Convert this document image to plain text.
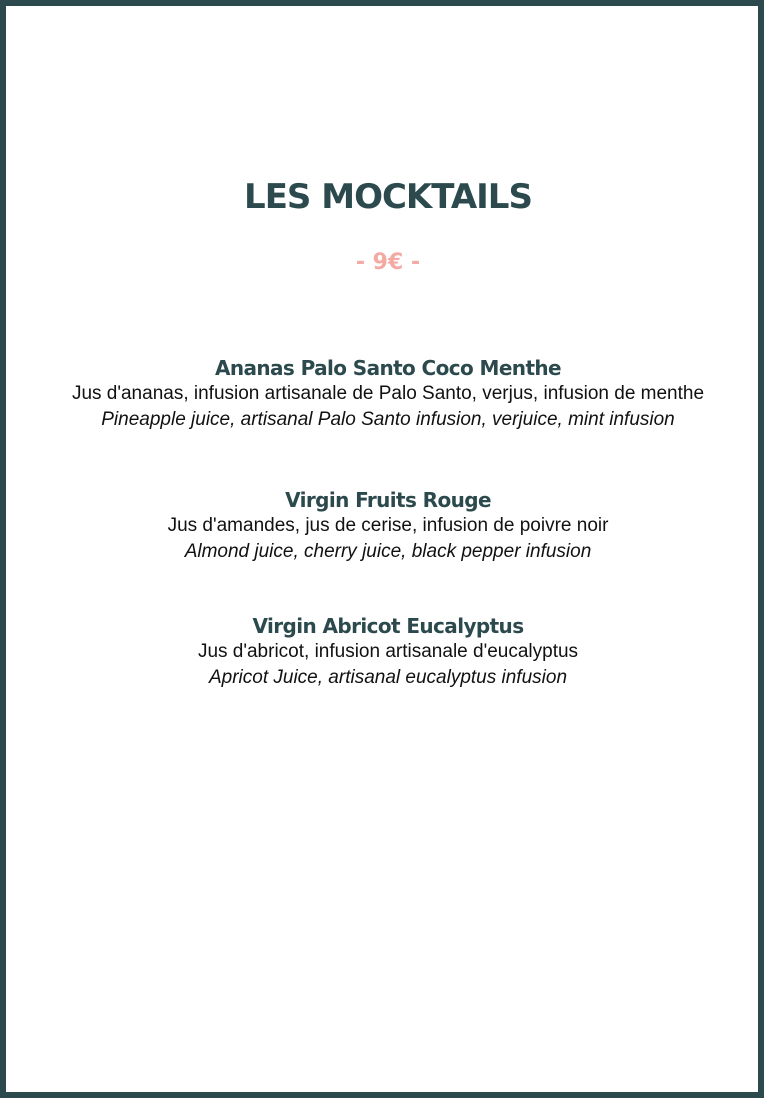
LES MOCKTAILS
- 9€ -

Ananas Palo Santo Coco Menthe

Jus d'ananas, infusion artisanale de Palo Santo, verjus, infusion de menthe

Pineapple juice, artisanal Palo Santo infusion, verjuice, mint infusion

Virgin Fruits Rouge

Jus d'amandes, jus de cerise, infusion de poivre noir

Almond juice, cherry juice, black pepper infusion

Virgin Abricot Eucalyptus

Jus d'abricot, infusion artisanale d'eucalyptus

Apricot Juice, artisanal eucalyptus infusion
